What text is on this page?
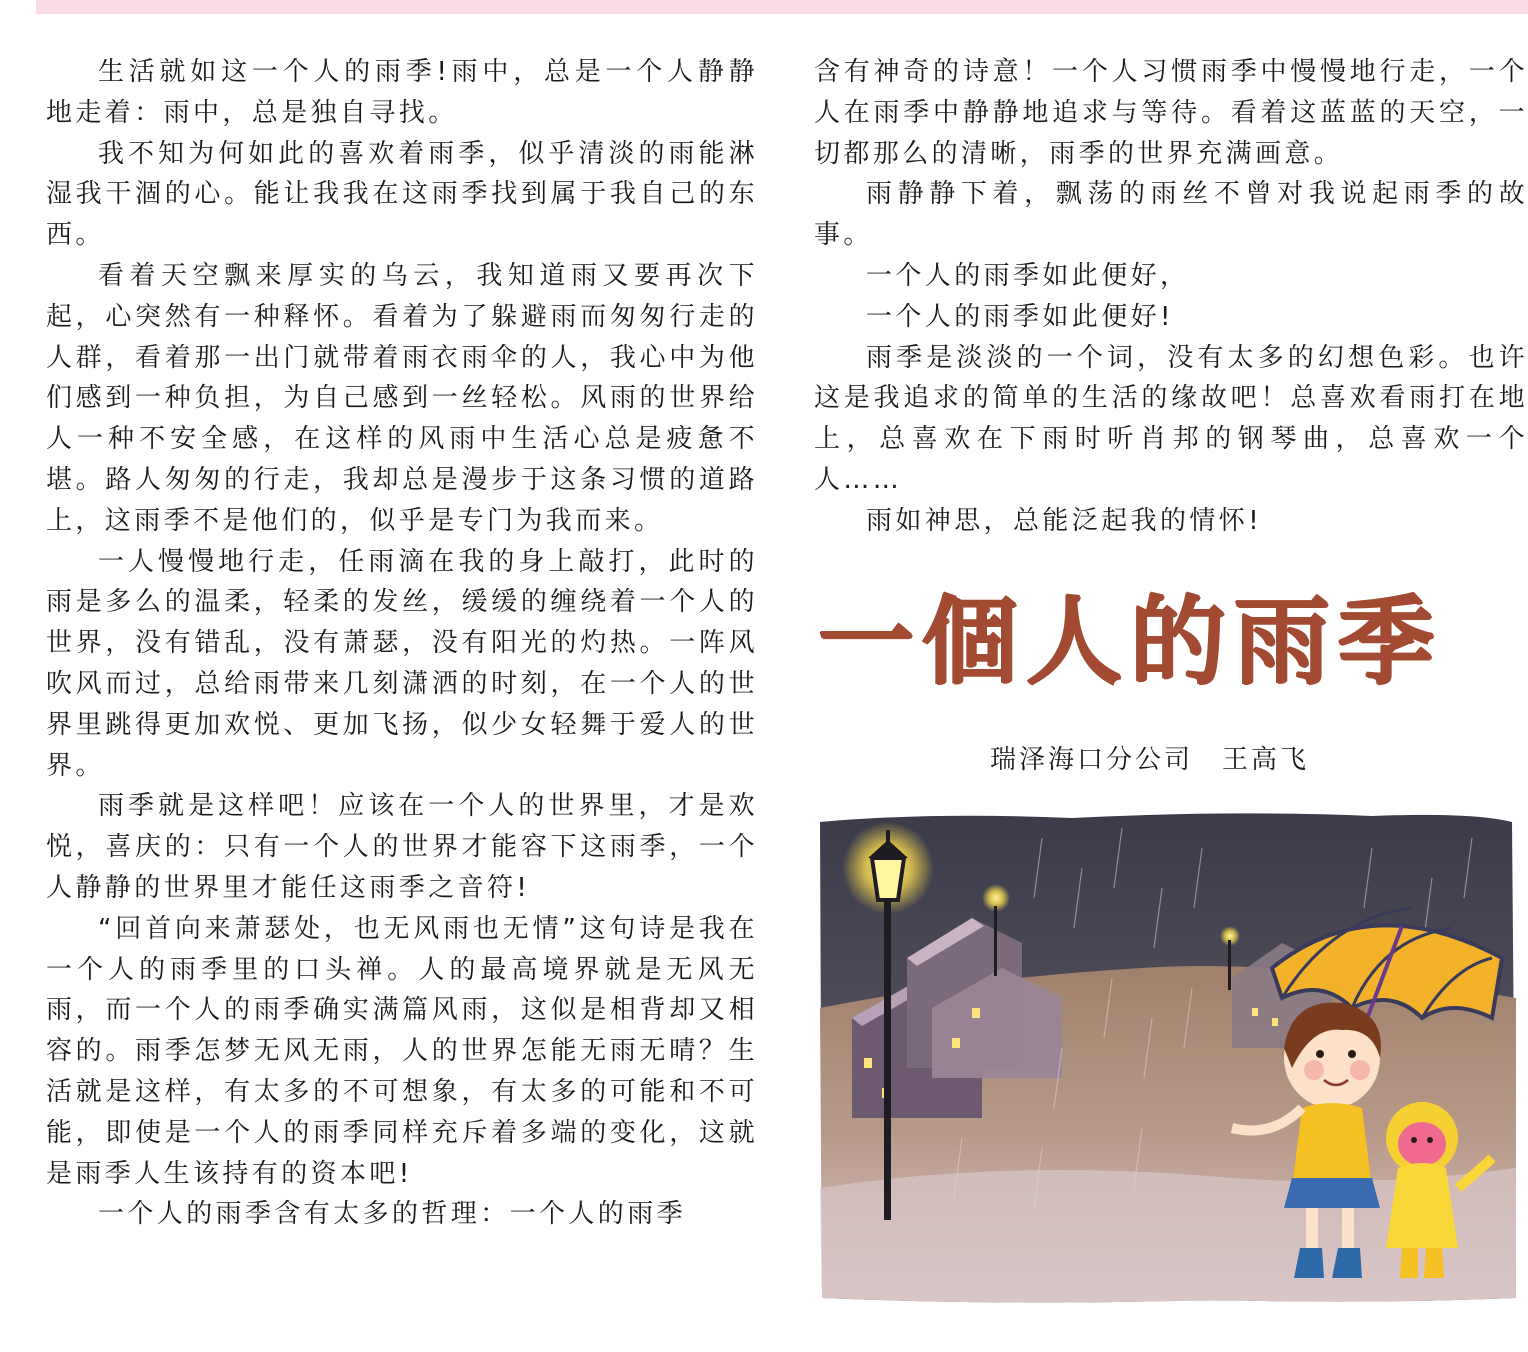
生活就如这一个人的雨季!雨中，总是一个人静静地走着：雨中，总是独自寻找。

我不知为何如此的喜欢着雨季，似乎清淡的雨能淋湿我干涸的心。能让我我在这雨季找到属于我自己的东西。

看着天空飘来厚实的乌云，我知道雨又要再次下起，心突然有一种释怀。看着为了躲避雨而匆匆行走的人群，看着那一出门就带着雨衣雨伞的人，我心中为他们感到一种负担，为自己感到一丝轻松。风雨的世界给人一种不安全感，在这样的风雨中生活心总是疲惫不堪。路人匆匆的行走，我却总是漫步于这条习惯的道路上，这雨季不是他们的，似乎是专门为我而来。

一人慢慢地行走，任雨滴在我的身上敲打，此时的雨是多么的温柔，轻柔的发丝，缓缓的缠绕着一个人的世界，没有错乱，没有萧瑟，没有阳光的灼热。一阵风吹风而过，总给雨带来几刻潇洒的时刻，在一个人的世界里跳得更加欢悦、更加飞扬，似少女轻舞于爱人的世界。

雨季就是这样吧！应该在一个人的世界里，才是欢悦，喜庆的：只有一个人的世界才能容下这雨季，一个人静静的世界里才能任这雨季之音符!

“回首向来萧瑟处，也无风雨也无情”这句诗是我在一个人的雨季里的口头禅。人的最高境界就是无风无雨，而一个人的雨季确实满篇风雨，这似是相背却又相容的。雨季怎梦无风无雨，人的世界怎能无雨无晴？生活就是这样，有太多的不可想象，有太多的可能和不可能，即使是一个人的雨季同样充斥着多端的变化，这就是雨季人生该持有的资本吧!

一个人的雨季含有太多的哲理：一个人的雨季

含有神奇的诗意！一个人习惯雨季中慢慢地行走，一个人在雨季中静静地追求与等待。看着这蓝蓝的天空，一切都那么的清晰，雨季的世界充满画意。

雨静静下着，飘荡的雨丝不曾对我说起雨季的故事。

一个人的雨季如此便好，

一个人的雨季如此便好!

雨季是淡淡的一个词，没有太多的幻想色彩。也许这是我追求的简单的生活的缘故吧！总喜欢看雨打在地上，总喜欢在下雨时听肖邦的钢琴曲，总喜欢一个人……

雨如神思，总能泛起我的情怀!

一個人的雨季
瑞泽海口分公司　王高飞
